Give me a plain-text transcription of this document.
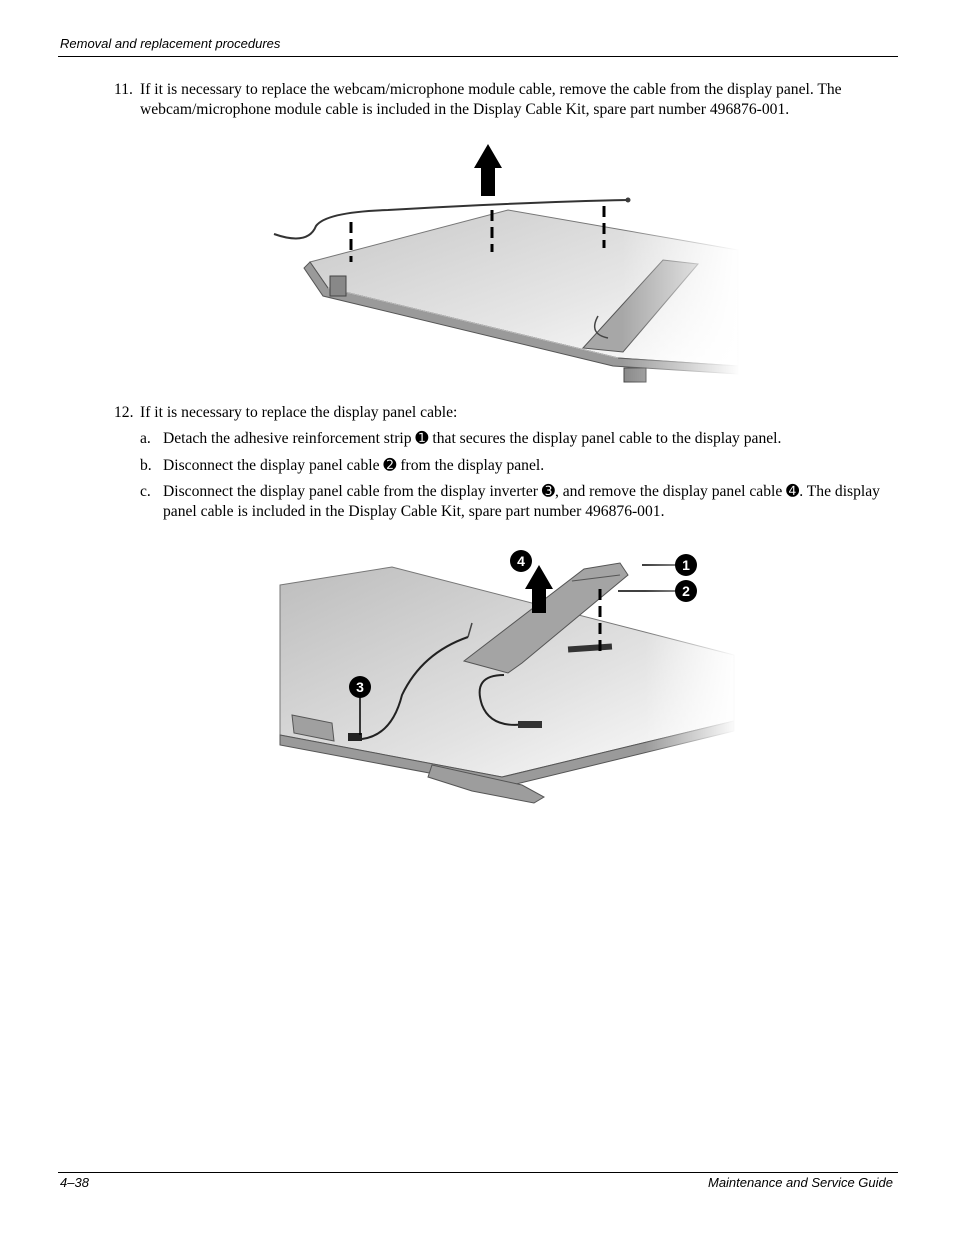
Removal and replacement procedures
11. If it is necessary to replace the webcam/microphone module cable, remove the cable from the display panel. The webcam/microphone module cable is included in the Display Cable Kit, spare part number 496876-001.
12. If it is necessary to replace the display panel cable:
a. Detach the adhesive reinforcement strip ➊ that secures the display panel cable to the display panel.
b. Disconnect the display panel cable ➋ from the display panel.
c. Disconnect the display panel cable from the display inverter ➌, and remove the display panel cable ➍. The display panel cable is included in the Display Cable Kit, spare part number 496876-001.
1
2
3
4
4–38	Maintenance and Service Guide
